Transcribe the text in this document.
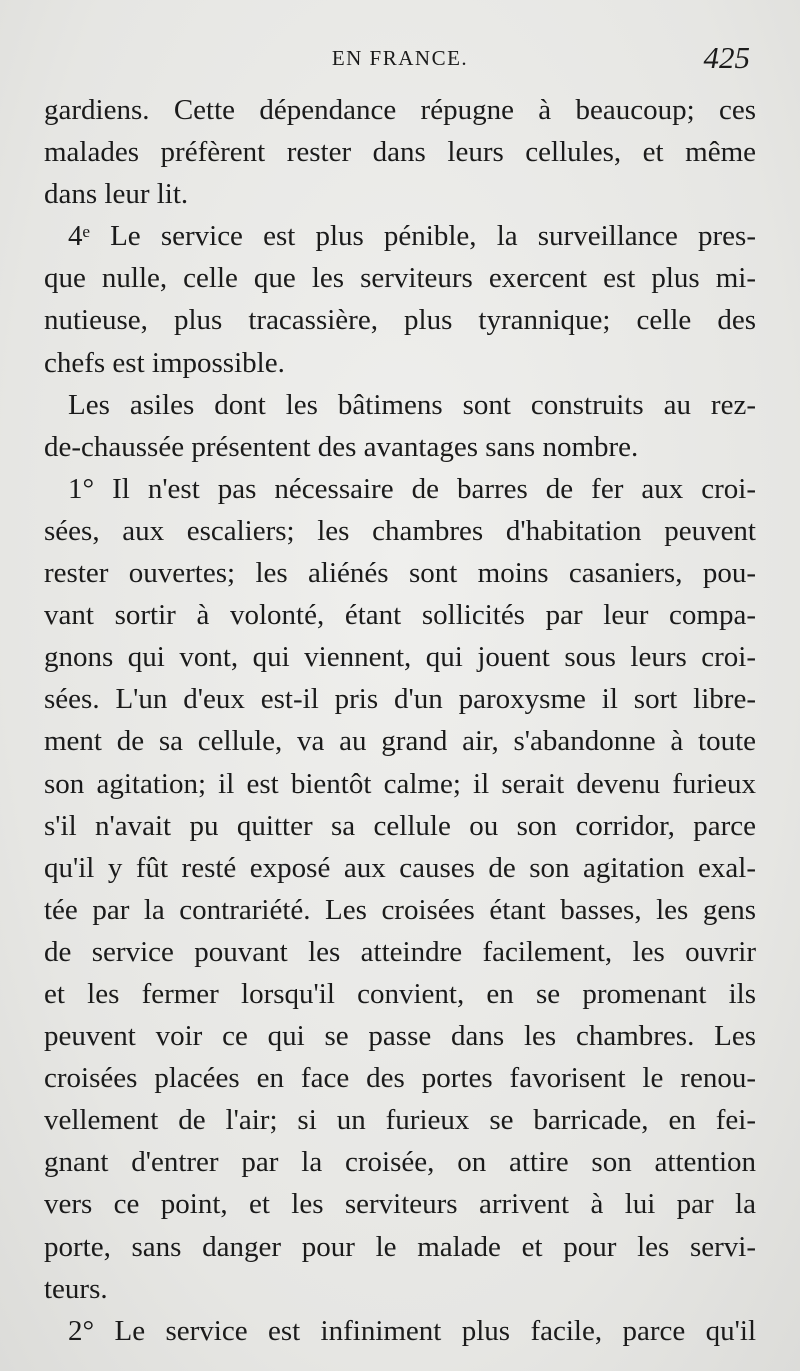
EN FRANCE.	425
gardiens. Cette dépendance répugne à beaucoup; ces
malades préfèrent rester dans leurs cellules, et même
dans leur lit.
4ᵉ Le service est plus pénible, la surveillance pres-
que nulle, celle que les serviteurs exercent est plus mi-
nutieuse, plus tracassière, plus tyrannique; celle des
chefs est impossible.
Les asiles dont les bâtimens sont construits au rez-
de-chaussée présentent des avantages sans nombre.
1° Il n'est pas nécessaire de barres de fer aux croi-
sées, aux escaliers; les chambres d'habitation peuvent
rester ouvertes; les aliénés sont moins casaniers, pou-
vant sortir à volonté, étant sollicités par leur compa-
gnons qui vont, qui viennent, qui jouent sous leurs croi-
sées. L'un d'eux est-il pris d'un paroxysme il sort libre-
ment de sa cellule, va au grand air, s'abandonne à toute
son agitation; il est bientôt calme; il serait devenu furieux
s'il n'avait pu quitter sa cellule ou son corridor, parce
qu'il y fût resté exposé aux causes de son agitation exal-
tée par la contrariété. Les croisées étant basses, les gens
de service pouvant les atteindre facilement, les ouvrir
et les fermer lorsqu'il convient, en se promenant ils
peuvent voir ce qui se passe dans les chambres. Les
croisées placées en face des portes favorisent le renou-
vellement de l'air; si un furieux se barricade, en fei-
gnant d'entrer par la croisée, on attire son attention
vers ce point, et les serviteurs arrivent à lui par la
porte, sans danger pour le malade et pour les servi-
teurs.
2° Le service est infiniment plus facile, parce qu'il
